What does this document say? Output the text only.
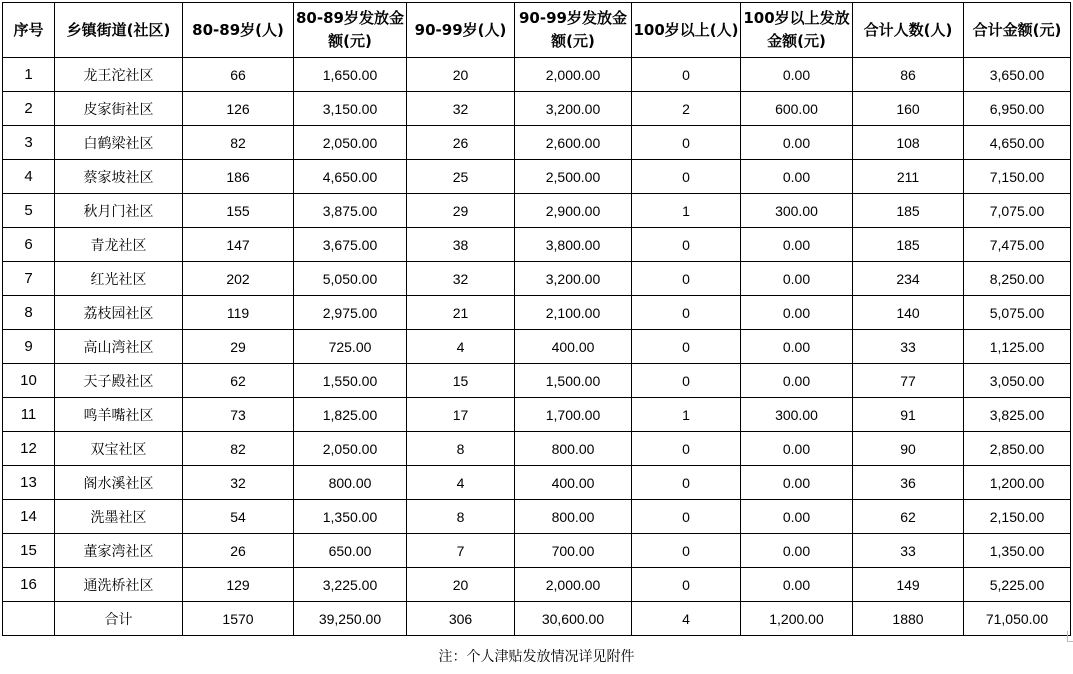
序号	乡镇街道(社区)	80-89岁(人)	80-89岁发放金额(元)	90-99岁(人)	90-99岁发放金额(元)	100岁以上(人)	100岁以上发放金额(元)	合计人数(人)	合计金额(元)
1	龙王沱社区	66	1,650.00	20	2,000.00	0	0.00	86	3,650.00
2	皮家街社区	126	3,150.00	32	3,200.00	2	600.00	160	6,950.00
3	白鹤梁社区	82	2,050.00	26	2,600.00	0	0.00	108	4,650.00
4	蔡家坡社区	186	4,650.00	25	2,500.00	0	0.00	211	7,150.00
5	秋月门社区	155	3,875.00	29	2,900.00	1	300.00	185	7,075.00
6	青龙社区	147	3,675.00	38	3,800.00	0	0.00	185	7,475.00
7	红光社区	202	5,050.00	32	3,200.00	0	0.00	234	8,250.00
8	荔枝园社区	119	2,975.00	21	2,100.00	0	0.00	140	5,075.00
9	高山湾社区	29	725.00	4	400.00	0	0.00	33	1,125.00
10	天子殿社区	62	1,550.00	15	1,500.00	0	0.00	77	3,050.00
11	鸣羊嘴社区	73	1,825.00	17	1,700.00	1	300.00	91	3,825.00
12	双宝社区	82	2,050.00	8	800.00	0	0.00	90	2,850.00
13	阁水溪社区	32	800.00	4	400.00	0	0.00	36	1,200.00
14	洗墨社区	54	1,350.00	8	800.00	0	0.00	62	2,150.00
15	董家湾社区	26	650.00	7	700.00	0	0.00	33	1,350.00
16	通洗桥社区	129	3,225.00	20	2,000.00	0	0.00	149	5,225.00
	合计	1570	39,250.00	306	30,600.00	4	1,200.00	1880	71,050.00
注：个人津贴发放情况详见附件
